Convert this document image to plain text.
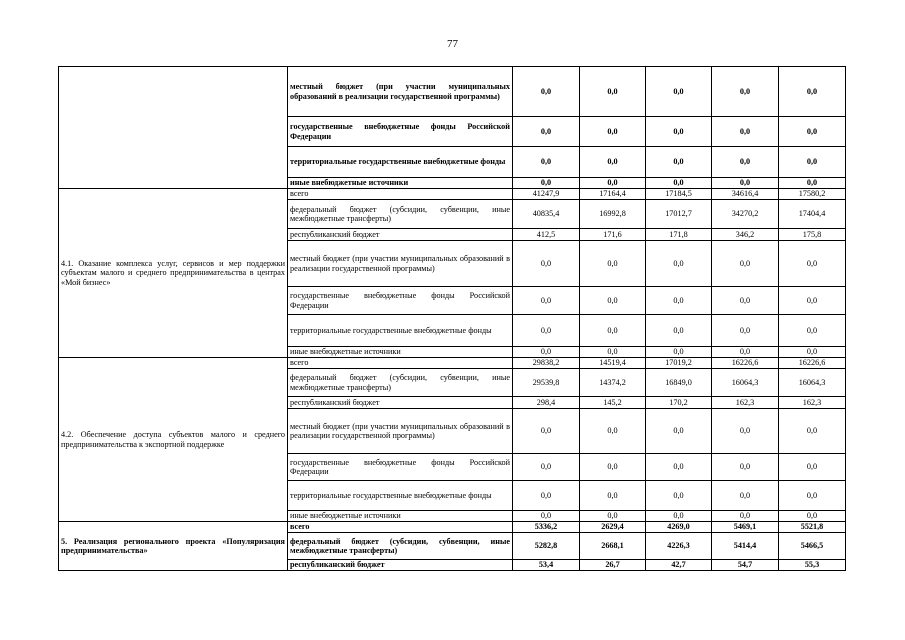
77
	местный бюджет (при участии муниципальных образований в реализации государственной программы)	0,0	0,0	0,0	0,0	0,0
	государственные внебюджетные фонды Российской Федерации	0,0	0,0	0,0	0,0	0,0
	территориальные государственные внебюджетные фонды	0,0	0,0	0,0	0,0	0,0
	иные внебюджетные источники	0,0	0,0	0,0	0,0	0,0
4.1. Оказание комплекса услуг, сервисов и мер поддержки субъектам малого и среднего предпринимательства в центрах «Мой бизнес»	всего	41247,9	17164,4	17184,5	34616,4	17580,2
	федеральный бюджет (субсидии, субвенции, иные межбюджетные трансферты)	40835,4	16992,8	17012,7	34270,2	17404,4
	республиканский бюджет	412,5	171,6	171,8	346,2	175,8
	местный бюджет (при участии муниципальных образований в реализации государственной программы)	0,0	0,0	0,0	0,0	0,0
	государственные внебюджетные фонды Российской Федерации	0,0	0,0	0,0	0,0	0,0
	территориальные государственные внебюджетные фонды	0,0	0,0	0,0	0,0	0,0
	иные внебюджетные источники	0,0	0,0	0,0	0,0	0,0
4.2. Обеспечение доступа субъектов малого и среднего предпринимательства к экспортной поддержке	всего	29838,2	14519,4	17019,2	16226,6	16226,6
	федеральный бюджет (субсидии, субвенции, иные межбюджетные трансферты)	29539,8	14374,2	16849,0	16064,3	16064,3
	республиканский бюджет	298,4	145,2	170,2	162,3	162,3
	местный бюджет (при участии муниципальных образований в реализации государственной программы)	0,0	0,0	0,0	0,0	0,0
	государственные внебюджетные фонды Российской Федерации	0,0	0,0	0,0	0,0	0,0
	территориальные государственные внебюджетные фонды	0,0	0,0	0,0	0,0	0,0
	иные внебюджетные источники	0,0	0,0	0,0	0,0	0,0
5. Реализация регионального проекта «Популяризация предпринимательства»	всего	5336,2	2629,4	4269,0	5469,1	5521,8
	федеральный бюджет (субсидии, субвенции, иные межбюджетные трансферты)	5282,8	2668,1	4226,3	5414,4	5466,5
	республиканский бюджет	53,4	26,7	42,7	54,7	55,3
